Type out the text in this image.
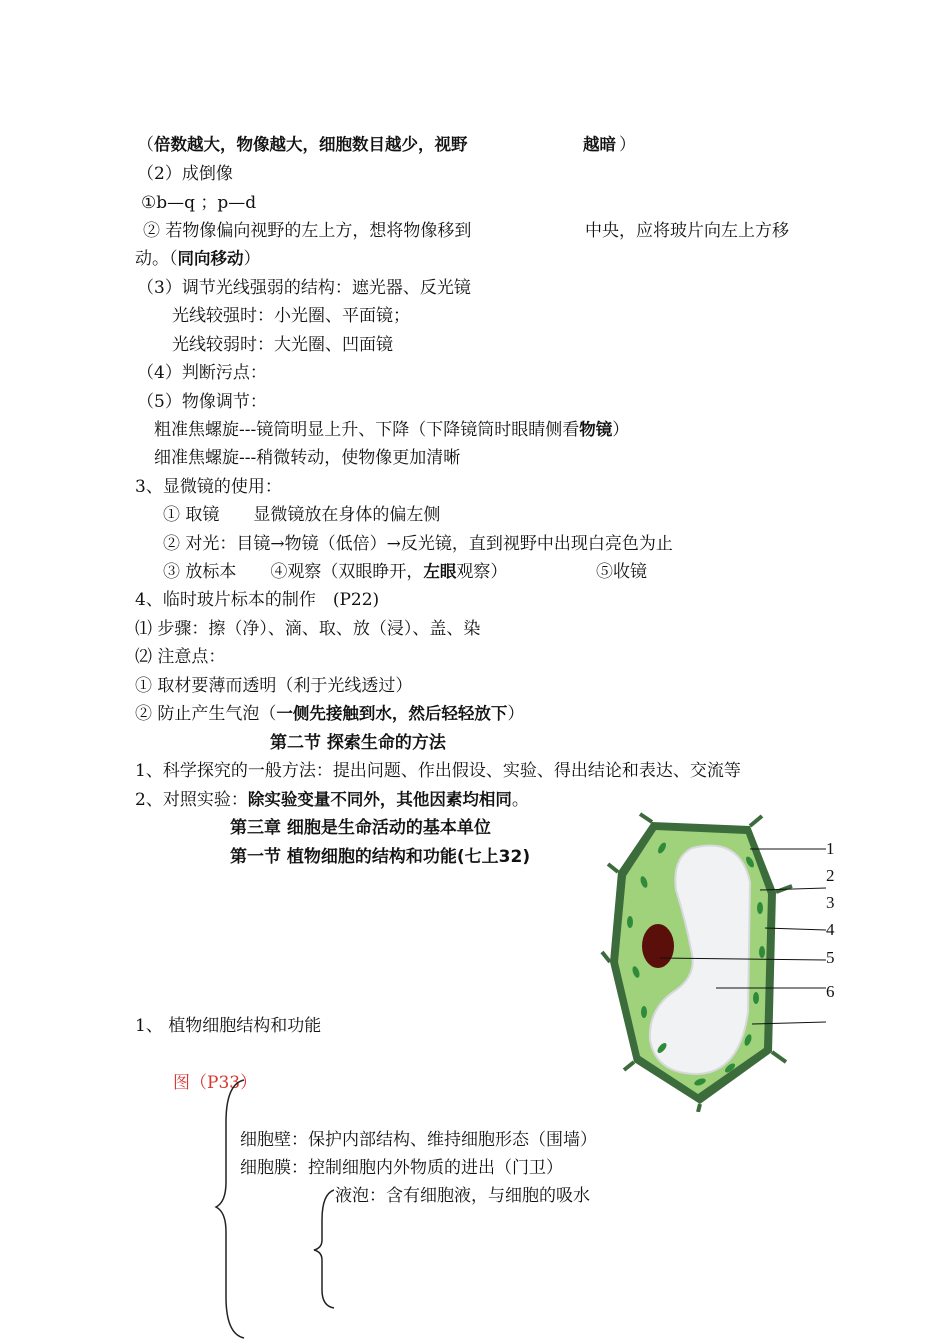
（倍数越大，物像越大，细胞数目越少，视野	越暗 ）
（2）成倒像
①b—q ；p—d
② 若物像偏向视野的左上方，想将物像移到	中央，应将玻片向左上方移
动。（同向移动）
（3）调节光线强弱的结构：遮光器、反光镜
光线较强时：小光圈、平面镜；
光线较弱时：大光圈、凹面镜
（4）判断污点：
（5）物像调节：
粗准焦螺旋---镜筒明显上升、下降（下降镜筒时眼睛侧看物镜）
细准焦螺旋---稍微转动，使物像更加清晰
3、显微镜的使用：
① 取镜　　显微镜放在身体的偏左侧
② 对光：目镜→物镜（低倍）→反光镜，直到视野中出现白亮色为止
③ 放标本　　④观察（双眼睁开，左眼观察）	⑤收镜
4、临时玻片标本的制作　(P22)
⑴ 步骤：擦（净）、滴、取、放（浸）、盖、染
⑵ 注意点：
① 取材要薄而透明（利于光线透过）
② 防止产生气泡（一侧先接触到水，然后轻轻放下）
第二节 探索生命的方法
1、科学探究的一般方法：提出问题、作出假设、实验、得出结论和表达、交流等
2、对照实验：除实验变量不同外，其他因素均相同。
第三章 细胞是生命活动的基本单位
第一节 植物细胞的结构和功能(七上32)
1、 植物细胞结构和功能
图（P33）
细胞壁：保护内部结构、维持细胞形态（围墙）
细胞膜：控制细胞内外物质的进出（门卫）
液泡：含有细胞液，与细胞的吸水
1
2
3
4
5
6
